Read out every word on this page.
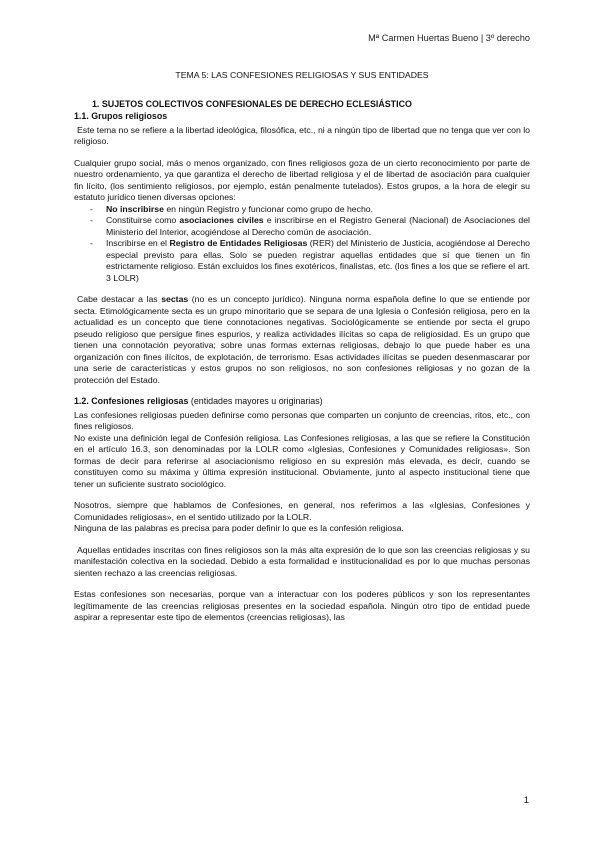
Mª Carmen Huertas Bueno | 3º derecho
TEMA 5: LAS CONFESIONES RELIGIOSAS Y SUS ENTIDADES
1. SUJETOS COLECTIVOS CONFESIONALES DE DERECHO ECLESIÁSTICO
1.1. Grupos religiosos

Este tema no se refiere a la libertad ideológica, filosófica, etc., ni a ningún tipo de libertad que no tenga que ver con lo religioso.

Cualquier grupo social, más o menos organizado, con fines religiosos goza de un cierto reconocimiento por parte de nuestro ordenamiento, ya que garantiza el derecho de libertad religiosa y el de libertad de asociación para cualquier fin lícito, (los sentimiento religiosos, por ejemplo, están penalmente tutelados). Estos grupos, a la hora de elegir su estatuto jurídico tienen diversas opciones:

- No inscribirse en ningún Registro y funcionar como grupo de hecho.
- Constituirse como asociaciones civiles e inscribirse en el Registro General (Nacional) de Asociaciones del Ministerio del Interior, acogiéndose al Derecho común de asociación.
- Inscribirse en el Registro de Entidades Religiosas (RER) del Ministerio de Justicia, acogiéndose al Derecho especial previsto para ellas. Solo se pueden registrar aquellas entidades que sí que tienen un fin estrictamente religioso. Están excluidos los fines exotéricos, finalistas, etc. (los fines a los que se refiere el art. 3 LOLR)

Cabe destacar a las sectas (no es un concepto jurídico). Ninguna norma española define lo que se entiende por secta. Etimológicamente secta es un grupo minoritario que se separa de una Iglesia o Confesión religiosa, pero en la actualidad es un concepto que tiene connotaciones negativas. Sociológicamente se entiende por secta el grupo pseudo religioso que persigue fines espurios, y realiza actividades ilícitas so capa de religiosidad. Es un grupo que tienen una connotación peyorativa; sobre unas formas externas religiosas, debajo lo que puede haber es una organización con fines ilícitos, de explotación, de terrorismo. Esas actividades ilícitas se pueden desenmascarar por una serie de características y estos grupos no son religiosos, no son confesiones religiosas y no gozan de la protección del Estado.

1.2. Confesiones religiosas (entidades mayores u originarias)

Las confesiones religiosas pueden definirse como personas que comparten un conjunto de creencias, ritos, etc., con fines religiosos.

No existe una definición legal de Confesión religiosa. Las Confesiones religiosas, a las que se refiere la Constitución en el artículo 16.3, son denominadas por la LOLR como «Iglesias, Confesiones y Comunidades religiosas». Son formas de decir para referirse al asociacionismo religioso en su expresión más elevada, es decir, cuando se constituyen como su máxima y última expresión institucional. Obviamente, junto al aspecto institucional tiene que tener un suficiente sustrato sociológico.

Nosotros, siempre que hablamos de Confesiones, en general, nos referimos a las «Iglesias, Confesiones y Comunidades religiosas», en el sentido utilizado por la LOLR.

Ninguna de las palabras es precisa para poder definir lo que es la confesión religiosa.

Aquellas entidades inscritas con fines religiosos son la más alta expresión de lo que son las creencias religiosas y su manifestación colectiva en la sociedad. Debido a esta formalidad e institucionalidad es por lo que muchas personas sienten rechazo a las creencias religiosas.

Estas confesiones son necesarias, porque van a interactuar con los poderes públicos y son los representantes legítimamente de las creencias religiosas presentes en la sociedad española. Ningún otro tipo de entidad puede aspirar a representar este tipo de elementos (creencias religiosas), las

1
